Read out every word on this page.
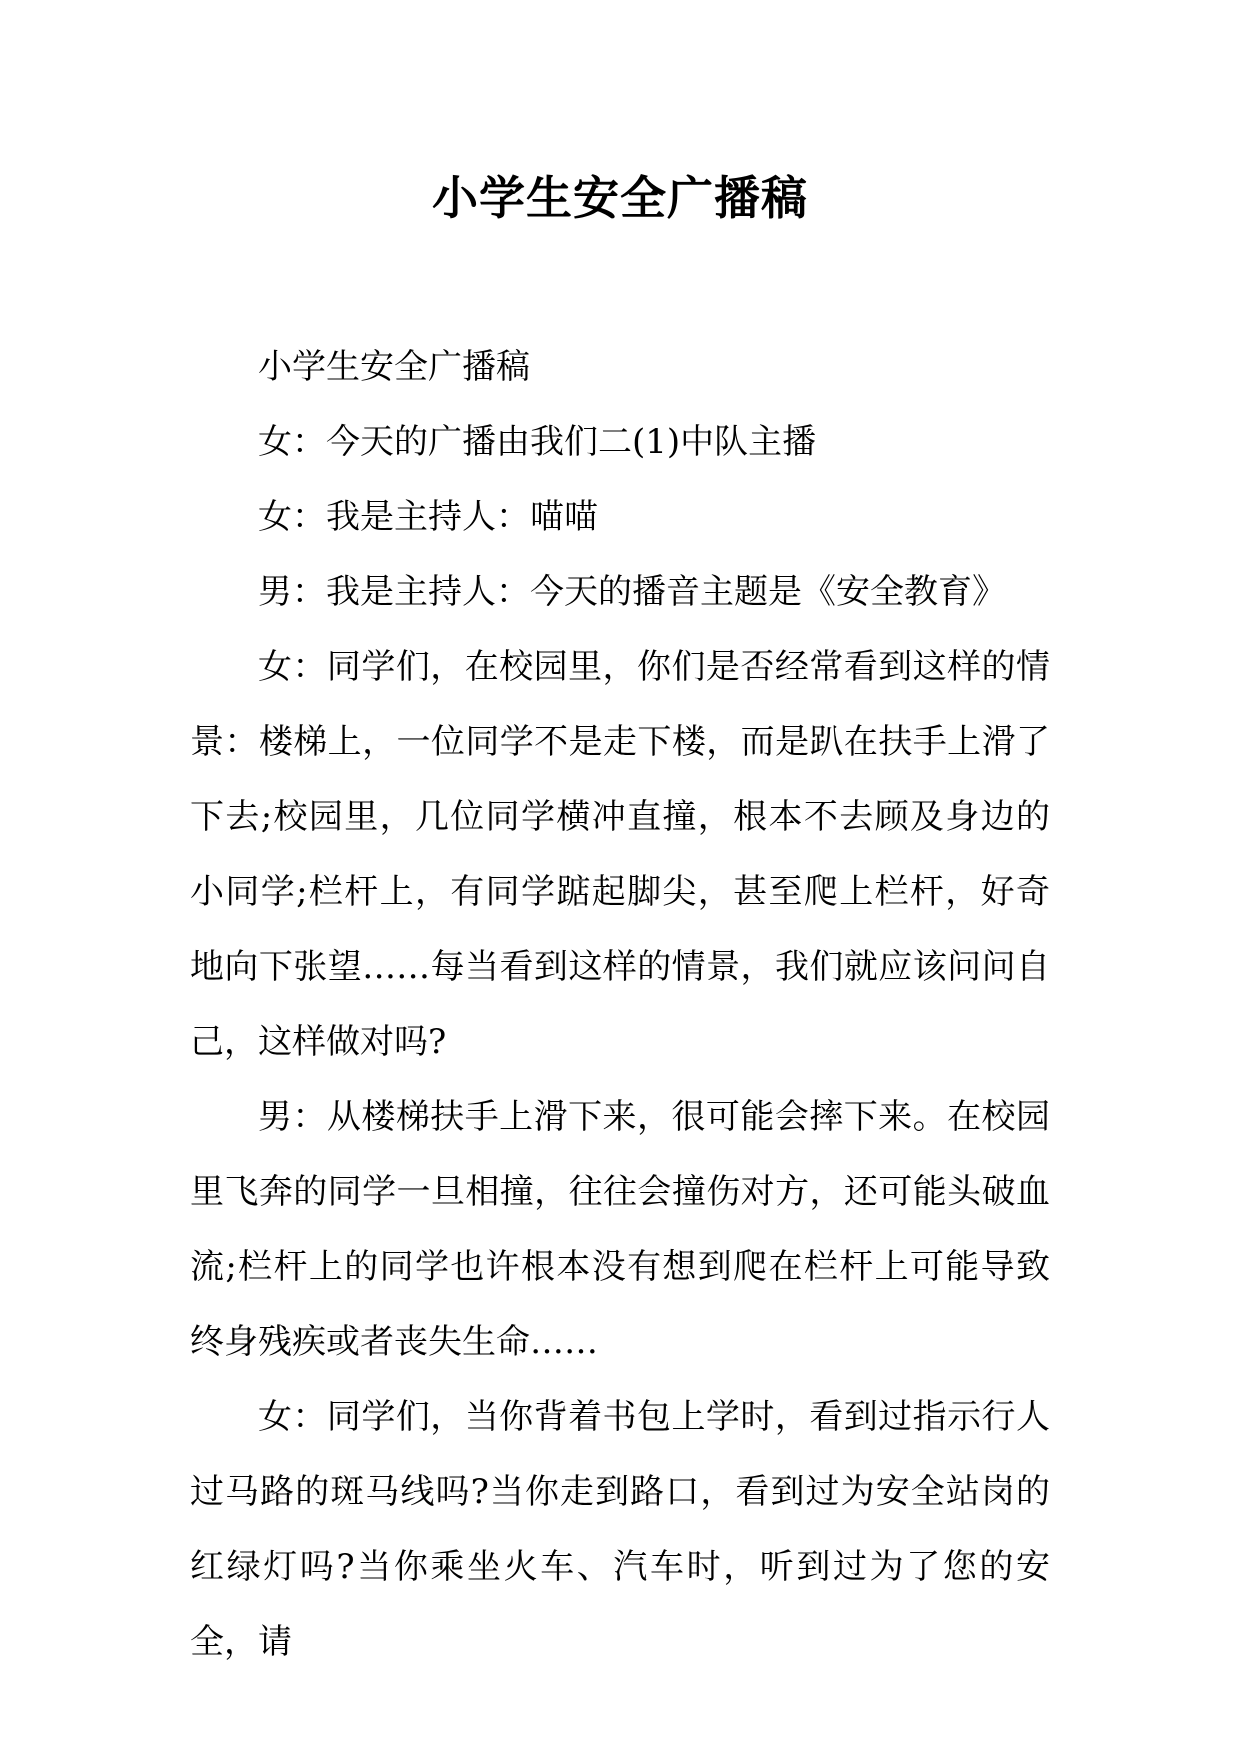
小学生安全广播稿

小学生安全广播稿

女：今天的广播由我们二(1)中队主播

女：我是主持人：喵喵

男：我是主持人：今天的播音主题是《安全教育》

女：同学们，在校园里，你们是否经常看到这样的情景：楼梯上，一位同学不是走下楼，而是趴在扶手上滑了下去;校园里，几位同学横冲直撞，根本不去顾及身边的小同学;栏杆上，有同学踮起脚尖，甚至爬上栏杆，好奇地向下张望……每当看到这样的情景，我们就应该问问自己，这样做对吗?

男：从楼梯扶手上滑下来，很可能会摔下来。在校园里飞奔的同学一旦相撞，往往会撞伤对方，还可能头破血流;栏杆上的同学也许根本没有想到爬在栏杆上可能导致终身残疾或者丧失生命……

女：同学们，当你背着书包上学时，看到过指示行人过马路的斑马线吗?当你走到路口，看到过为安全站岗的红绿灯吗?当你乘坐火车、汽车时，听到过为了您的安全，请
